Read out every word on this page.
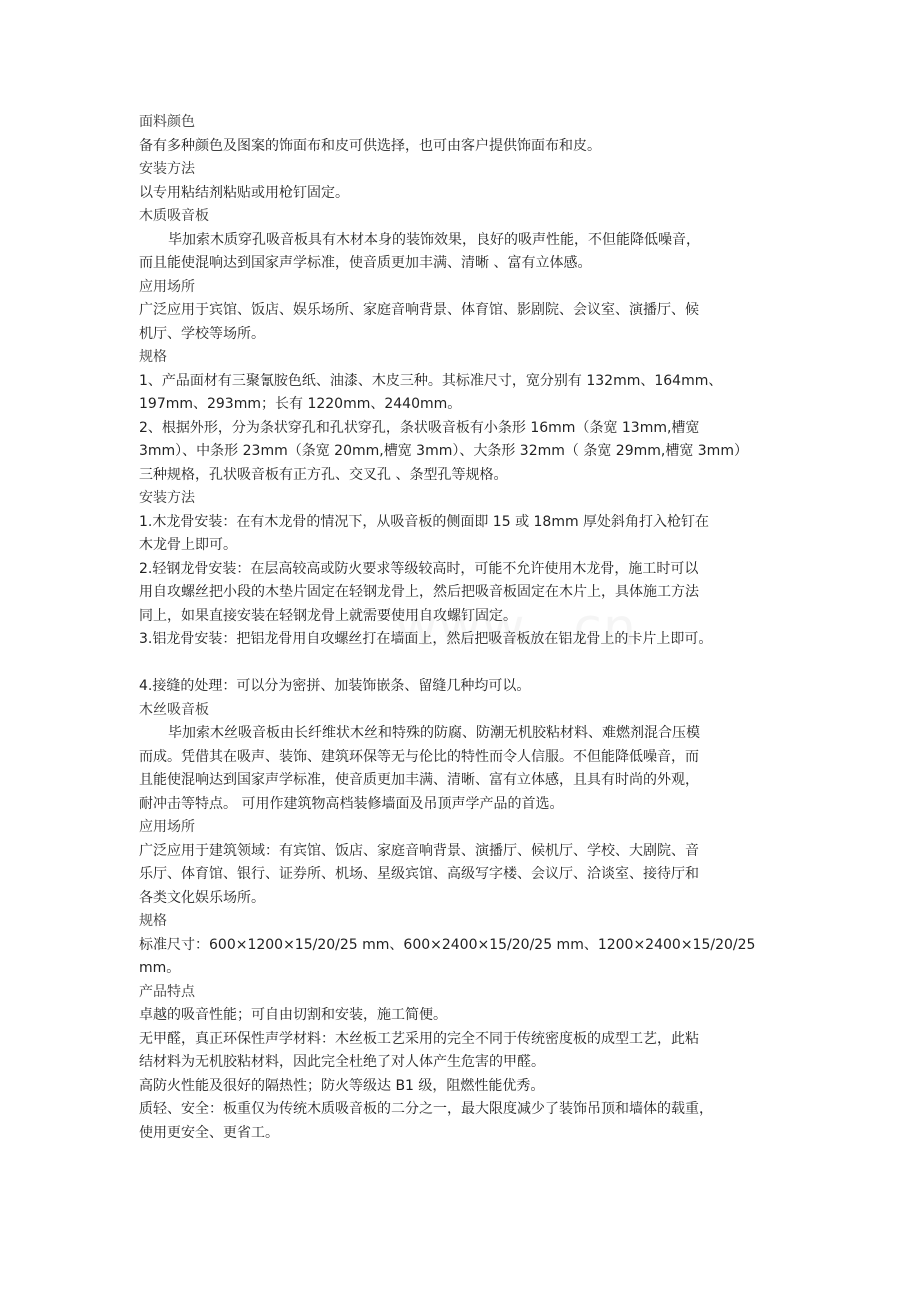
面料颜色
备有多种颜色及图案的饰面布和皮可供选择，也可由客户提供饰面布和皮。
安装方法
以专用粘结剂粘贴或用枪钉固定。
木质吸音板
毕加索木质穿孔吸音板具有木材本身的装饰效果，良好的吸声性能，不但能降低噪音，
而且能使混响达到国家声学标准，使音质更加丰满、清晰 、富有立体感。
应用场所
广泛应用于宾馆、饭店、娱乐场所、家庭音响背景、体育馆、影剧院、会议室、演播厅、候
机厅、学校等场所。
规格
1、产品面材有三聚氰胺色纸、油漆、木皮三种。其标准尺寸，宽分别有 132mm、164mm、
197mm、293mm；长有 1220mm、2440mm。
2、根据外形，分为条状穿孔和孔状穿孔，条状吸音板有小条形 16mm（条宽 13mm,槽宽
3mm）、中条形 23mm（条宽 20mm,槽宽 3mm）、大条形 32mm（ 条宽 29mm,槽宽 3mm）
三种规格，孔状吸音板有正方孔、交叉孔 、条型孔等规格。
安装方法
1.木龙骨安装：在有木龙骨的情况下，从吸音板的侧面即 15 或 18mm 厚处斜角打入枪钉在
木龙骨上即可。
2.轻钢龙骨安装：在层高较高或防火要求等级较高时，可能不允许使用木龙骨，施工时可以
用自攻螺丝把小段的木垫片固定在轻钢龙骨上，然后把吸音板固定在木片上，具体施工方法
同上，如果直接安装在轻钢龙骨上就需要使用自攻螺钉固定。
3.铝龙骨安装：把铝龙骨用自攻螺丝打在墙面上，然后把吸音板放在铝龙骨上的卡片上即可。
4.接缝的处理：可以分为密拼、加装饰嵌条、留缝几种均可以。
木丝吸音板
毕加索木丝吸音板由长纤维状木丝和特殊的防腐、防潮无机胶粘材料、难燃剂混合压模
而成。凭借其在吸声、装饰、建筑环保等无与伦比的特性而令人信服。不但能降低噪音，而
且能使混响达到国家声学标准，使音质更加丰满、清晰、富有立体感，且具有时尚的外观，
耐冲击等特点。 可用作建筑物高档装修墙面及吊顶声学产品的首选。
应用场所
广泛应用于建筑领域：有宾馆、饭店、家庭音响背景、演播厅、候机厅、学校、大剧院、音
乐厅、体育馆、银行、证券所、机场、星级宾馆、高级写字楼、会议厅、洽谈室、接待厅和
各类文化娱乐场所。
规格
标准尺寸：600×1200×15/20/25 mm、600×2400×15/20/25 mm、1200×2400×15/20/25
mm。
产品特点
卓越的吸音性能；可自由切割和安装，施工简便。
无甲醛，真正环保性声学材料：木丝板工艺采用的完全不同于传统密度板的成型工艺，此粘
结材料为无机胶粘材料，因此完全杜绝了对人体产生危害的甲醛。
高防火性能及很好的隔热性；防火等级达 B1 级，阻燃性能优秀。
质轻、安全：板重仅为传统木质吸音板的二分之一，最大限度减少了装饰吊顶和墙体的载重，
使用更安全、更省工。
